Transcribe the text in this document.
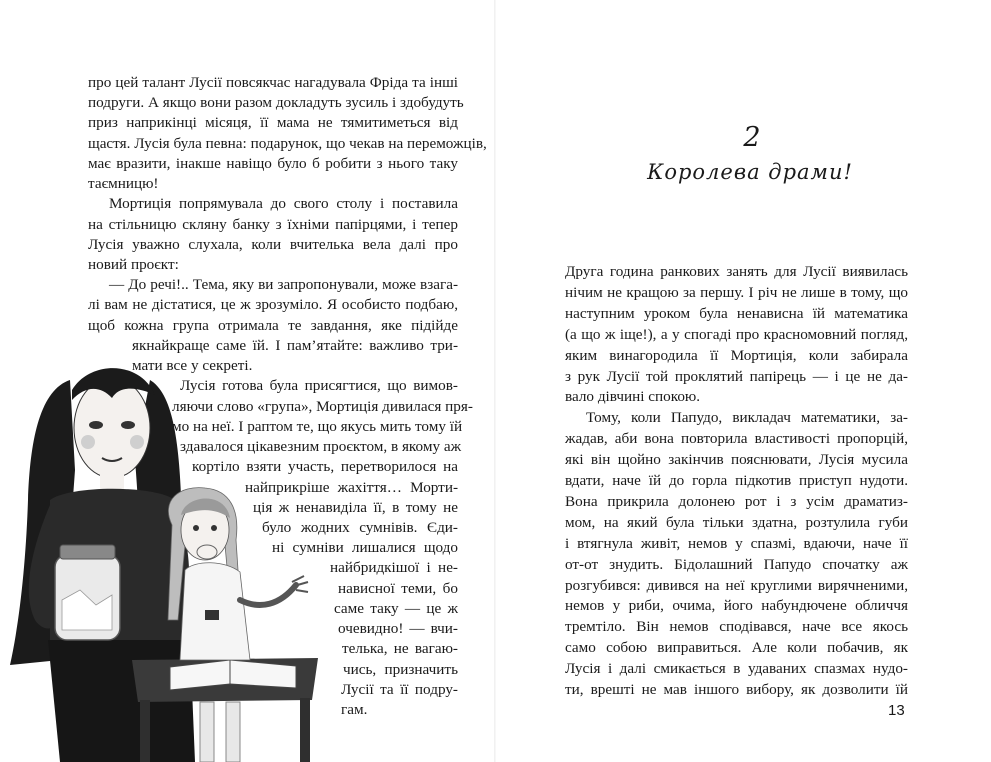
про цей талант Лусії повсякчас нагадувала Фріда та інші
подруги. А якщо вони разом докладуть зусиль і здобудуть
приз наприкінці місяця, її мама не тямитиметься від
щастя. Лусія була певна: подарунок, що чекав на переможців,
має вразити, інакше навіщо було б робити з нього таку
таємницю!
Мортиція попрямувала до свого столу і поставила
на стільницю скляну банку з їхніми папірцями, і тепер
Лусія уважно слухала, коли вчителька вела далі про
новий проєкт:
— До речі!.. Тема, яку ви запропонували, може взага-
лі вам не дістатися, це ж зрозуміло. Я особисто подбаю,
щоб кожна група отримала те завдання, яке підійде
якнайкраще саме їй. І пам’ятайте: важливо три-
мати все у секреті.
Лусія готова була присягтися, що вимов-
ляючи слово «група», Мортиція дивилася пря-
мо на неї. І раптом те, що якусь мить тому їй
здавалося цікавезним проєктом, в якому аж
кортіло взяти участь, перетворилося на
найприкріше жахіття… Морти-
ція ж ненавиділа її, в тому не
було жодних сумнівів. Єди-
ні сумніви лишалися щодо
найбридкішої і не-
нависної теми, бо
саме таку — це ж
очевидно! — вчи-
телька, не вагаю-
чись, призначить
Лусії та її подру-
гам.
2
Королева драми!
Друга година ранкових занять для Лусії виявилась
нічим не кращою за першу. І річ не лише в тому, що
наступним уроком була ненависна їй математика
(а що ж іще!), а у спогаді про красномовний погляд,
яким винагородила її Мортиція, коли забирала
з рук Лусії той проклятий папірець — і це не да-
вало дівчині спокою.
Тому, коли Папудо, викладач математики, за-
жадав, аби вона повторила властивості пропорцій,
які він щойно закінчив пояснювати, Лусія мусила
вдати, наче їй до горла підкотив приступ нудоти.
Вона прикрила долонею рот і з усім драматиз-
мом, на який була тільки здатна, розтулила губи
і втягнула живіт, немов у спазмі, вдаючи, наче її
от-от знудить. Бідолашний Папудо спочатку аж
розгубився: дивився на неї круглими вирячненими,
немов у риби, очима, його набундючене обличчя
тремтіло. Він немов сподівався, наче все якось
само собою виправиться. Але коли побачив, як
Лусія і далі смикається в удаваних спазмах нудо-
ти, врешті не мав іншого вибору, як дозволити їй
13
